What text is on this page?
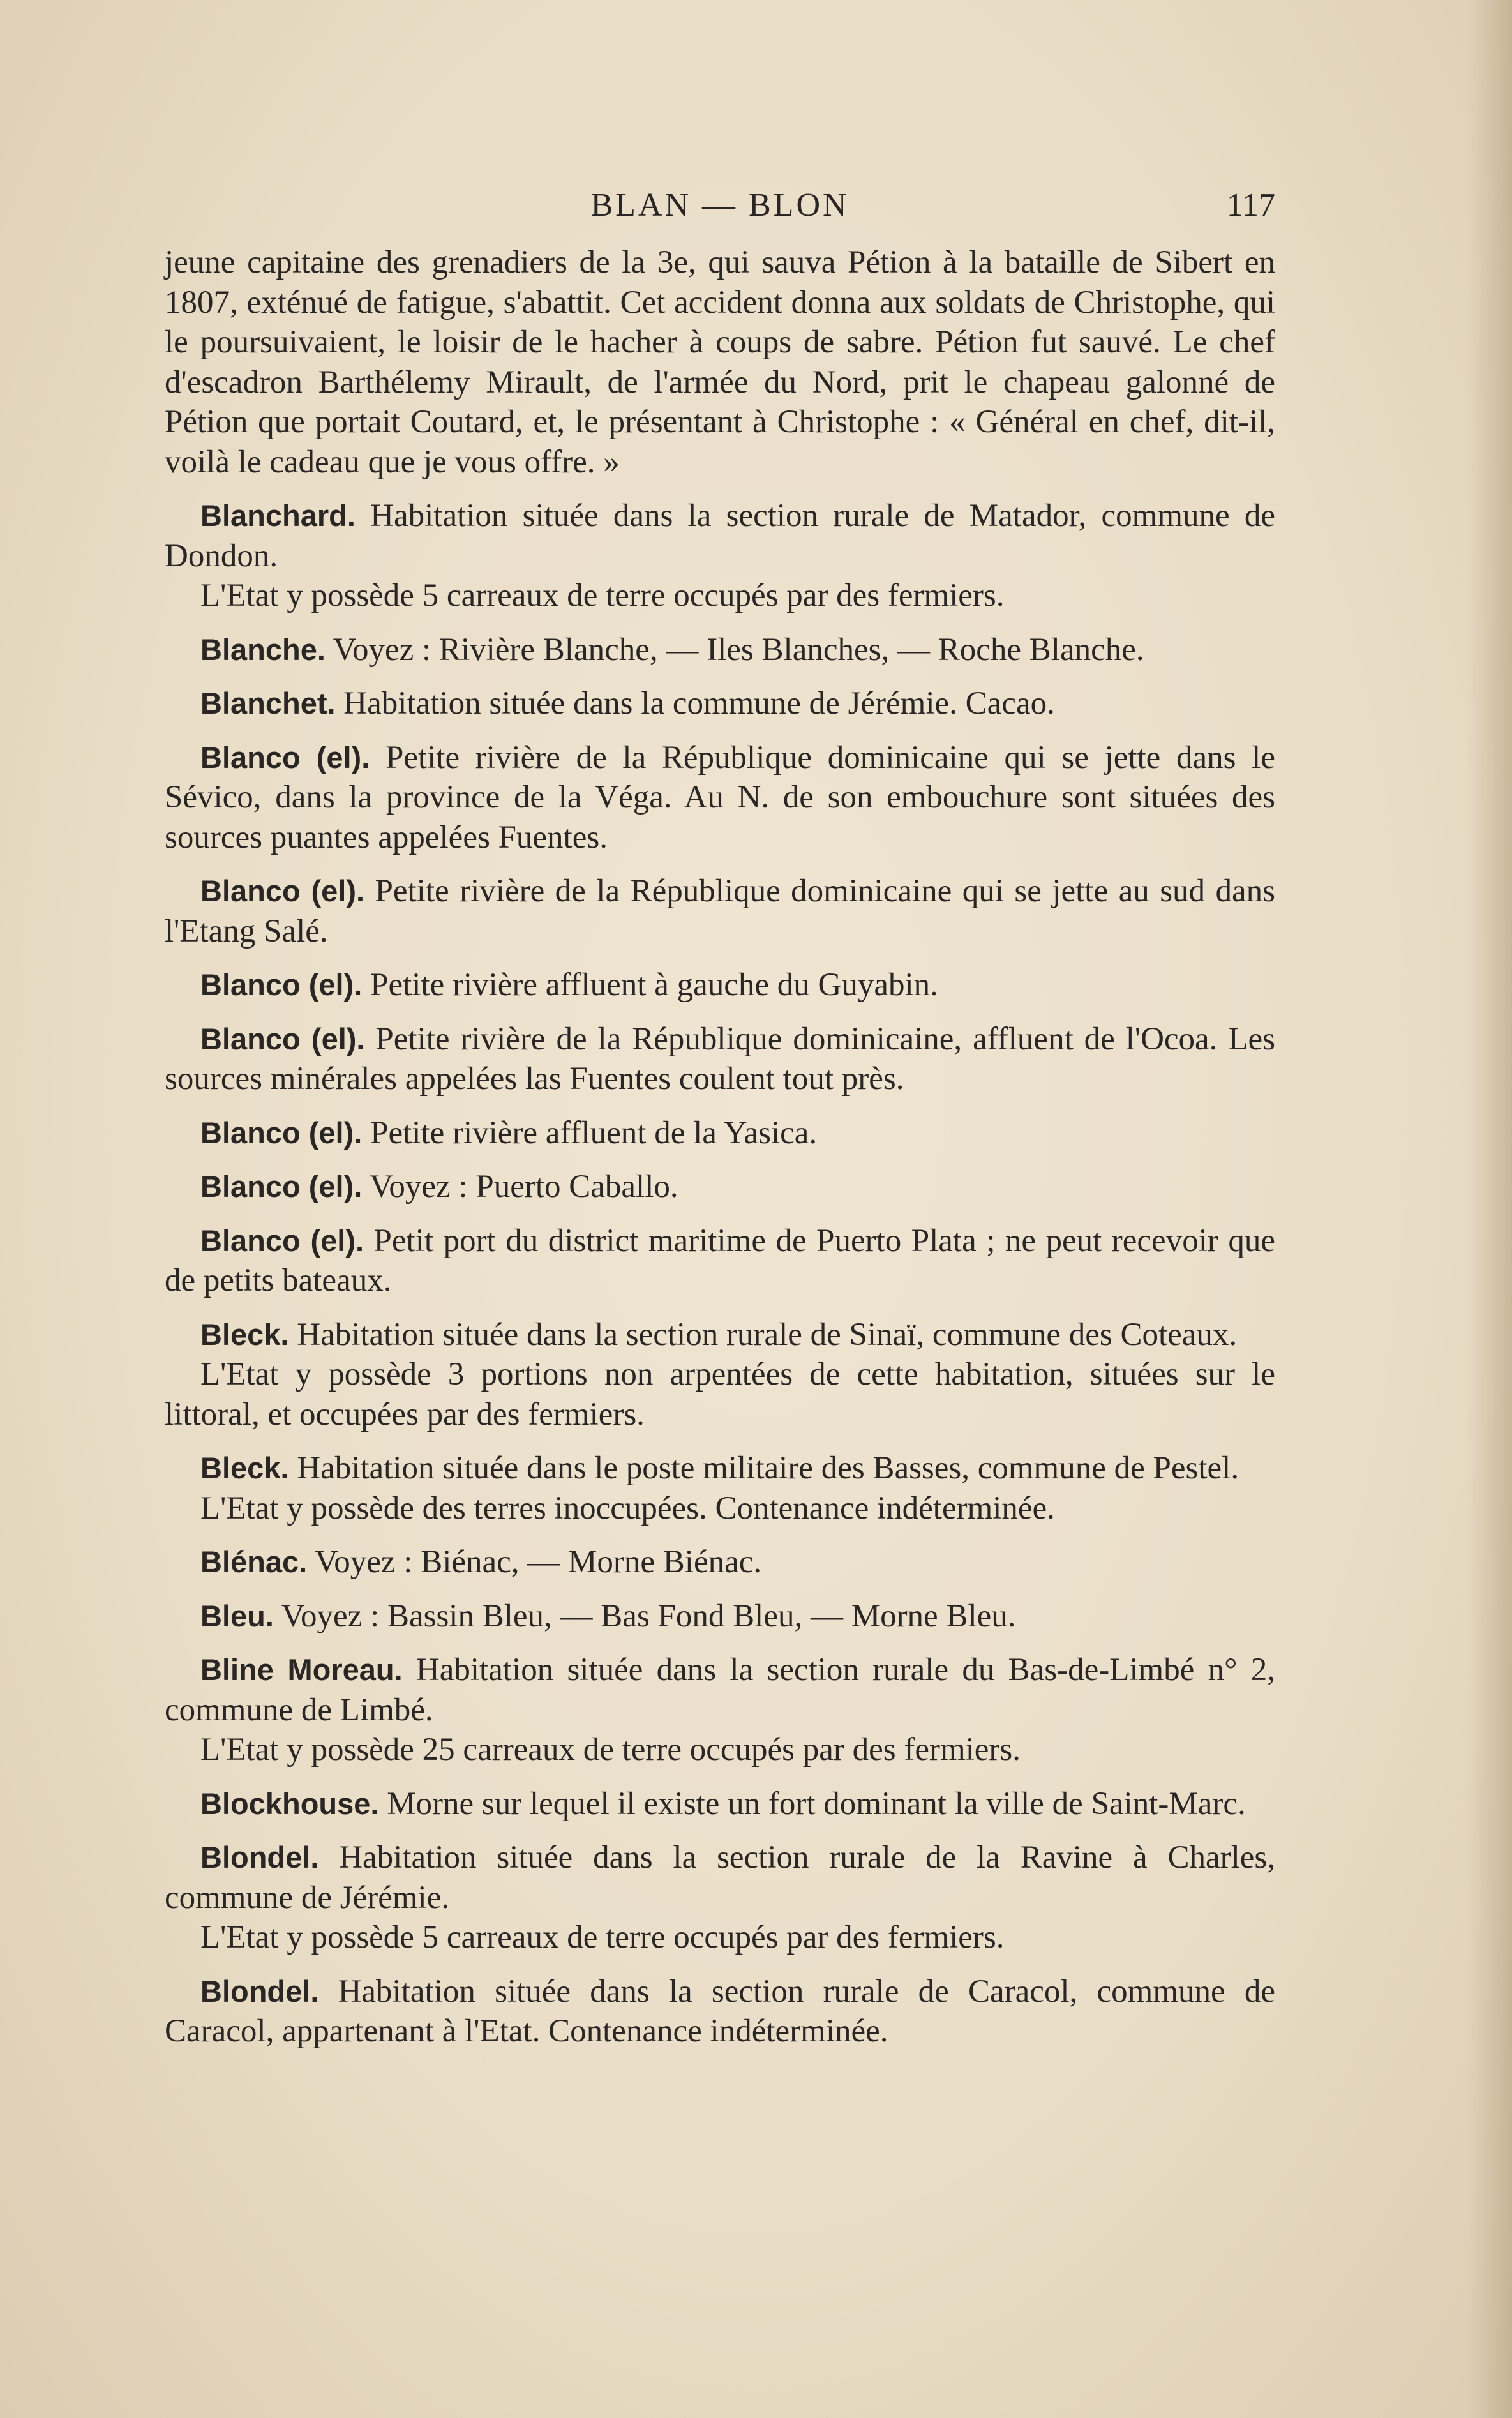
BLAN — BLON	117

jeune capitaine des grenadiers de la 3e, qui sauva Pétion à la bataille de Sibert en 1807, exténué de fatigue, s'abattit. Cet accident donna aux soldats de Christophe, qui le poursuivaient, le loisir de le hacher à coups de sabre. Pétion fut sauvé. Le chef d'escadron Barthélemy Mirault, de l'armée du Nord, prit le chapeau galonné de Pétion que portait Coutard, et, le présentant à Christophe : « Général en chef, dit-il, voilà le cadeau que je vous offre. »

Blanchard. Habitation située dans la section rurale de Matador, commune de Dondon.

L'Etat y possède 5 carreaux de terre occupés par des fermiers.

Blanche. Voyez : Rivière Blanche, — Iles Blanches, — Roche Blanche.

Blanchet. Habitation située dans la commune de Jérémie. Cacao.

Blanco (el). Petite rivière de la République dominicaine qui se jette dans le Sévico, dans la province de la Véga. Au N. de son embouchure sont situées des sources puantes appelées Fuentes.

Blanco (el). Petite rivière de la République dominicaine qui se jette au sud dans l'Etang Salé.

Blanco (el). Petite rivière affluent à gauche du Guyabin.

Blanco (el). Petite rivière de la République dominicaine, affluent de l'Ocoa. Les sources minérales appelées las Fuentes coulent tout près.

Blanco (el). Petite rivière affluent de la Yasica.

Blanco (el). Voyez : Puerto Caballo.

Blanco (el). Petit port du district maritime de Puerto Plata ; ne peut recevoir que de petits bateaux.

Bleck. Habitation située dans la section rurale de Sinaï, commune des Coteaux.

L'Etat y possède 3 portions non arpentées de cette habitation, situées sur le littoral, et occupées par des fermiers.

Bleck. Habitation située dans le poste militaire des Basses, commune de Pestel.

L'Etat y possède des terres inoccupées. Contenance indéterminée.

Blénac. Voyez : Biénac, — Morne Biénac.

Bleu. Voyez : Bassin Bleu, — Bas Fond Bleu, — Morne Bleu.

Bline Moreau. Habitation située dans la section rurale du Bas-de-Limbé n° 2, commune de Limbé.

L'Etat y possède 25 carreaux de terre occupés par des fermiers.

Blockhouse. Morne sur lequel il existe un fort dominant la ville de Saint-Marc.

Blondel. Habitation située dans la section rurale de la Ravine à Charles, commune de Jérémie.

L'Etat y possède 5 carreaux de terre occupés par des fermiers.

Blondel. Habitation située dans la section rurale de Caracol, commune de Caracol, appartenant à l'Etat. Contenance indéterminée.
